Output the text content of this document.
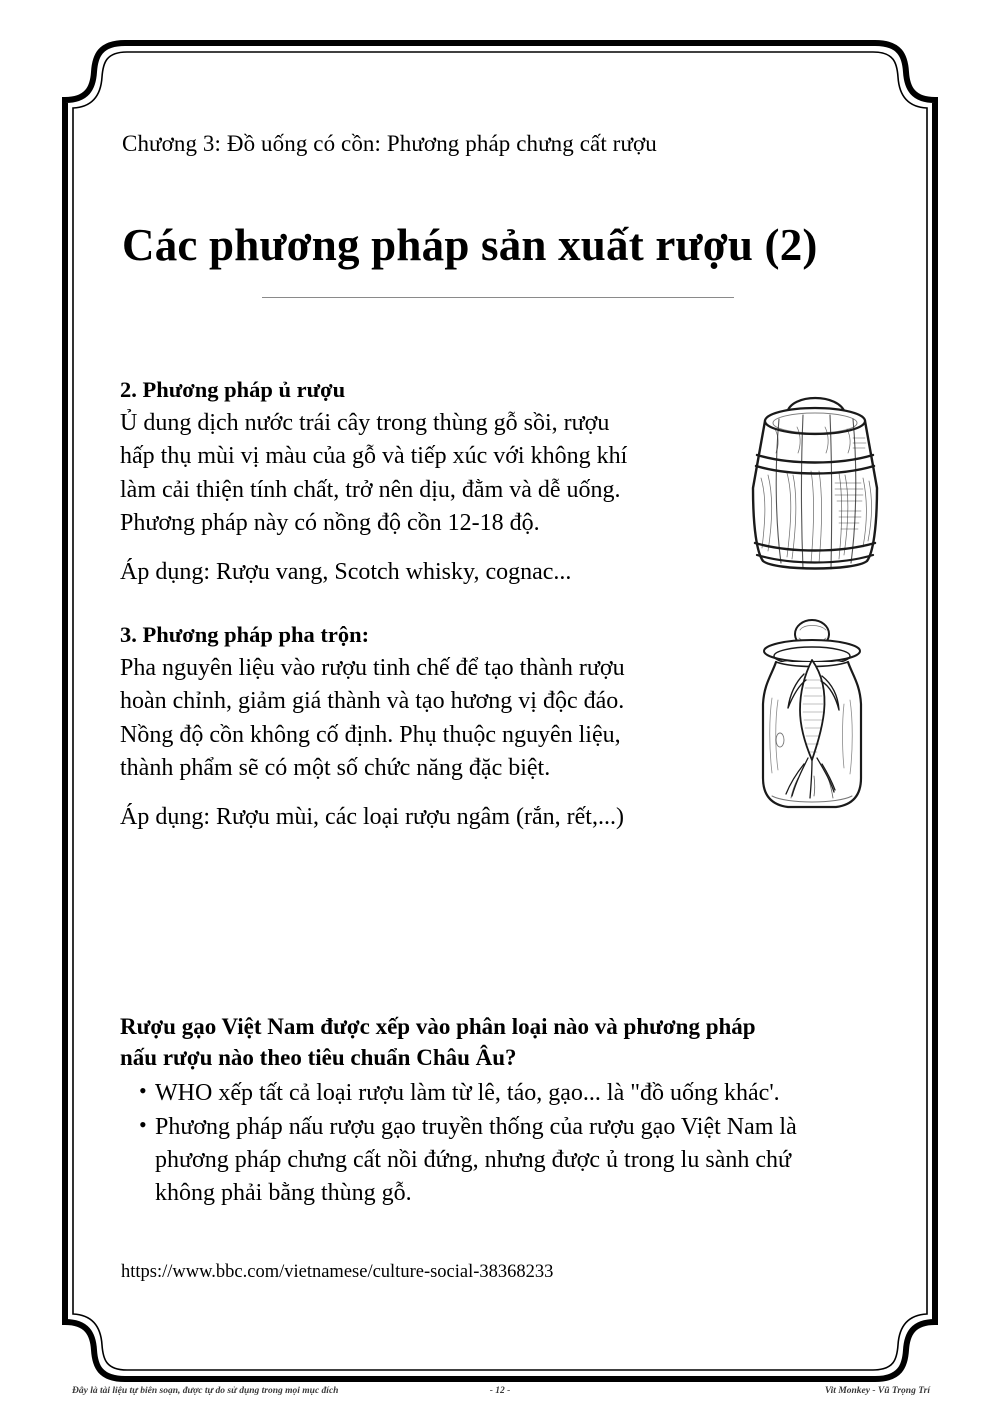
Chương 3: Đồ uống có cồn: Phương pháp chưng cất rượu
Các phương pháp sản xuất rượu (2)
2. Phương pháp ủ rượu
Ủ dung dịch nước trái cây trong thùng gỗ sồi, rượu
hấp thụ mùi vị màu của gỗ và tiếp xúc với không khí
làm cải thiện tính chất, trở nên dịu, đằm và dễ uống.
Phương pháp này có nồng độ cồn 12-18 độ.
Áp dụng: Rượu vang, Scotch whisky, cognac...
3. Phương pháp pha trộn:
Pha nguyên liệu vào rượu tinh chế để tạo thành rượu
hoàn chỉnh, giảm giá thành và tạo hương vị độc đáo.
Nồng độ cồn không cố định. Phụ thuộc nguyên liệu,
thành phẩm sẽ có một số chức năng đặc biệt.
Áp dụng: Rượu mùi, các loại rượu ngâm (rắn, rết,...)
Rượu gạo Việt Nam được xếp vào phân loại nào và phương pháp
nấu rượu nào theo tiêu chuẩn Châu Âu?
• WHO xếp tất cả loại rượu làm từ lê, táo, gạo... là "đồ uống khác'.
• Phương pháp nấu rượu gạo truyền thống của rượu gạo Việt Nam là
phương pháp chưng cất nồi đứng, nhưng được ủ trong lu sành chứ
không phải bằng thùng gỗ.
https://www.bbc.com/vietnamese/culture-social-38368233
Đây là tài liệu tự biên soạn, được tự do sử dụng trong mọi mục đích	- 12 -	Vit Monkey - Vũ Trọng Trí
